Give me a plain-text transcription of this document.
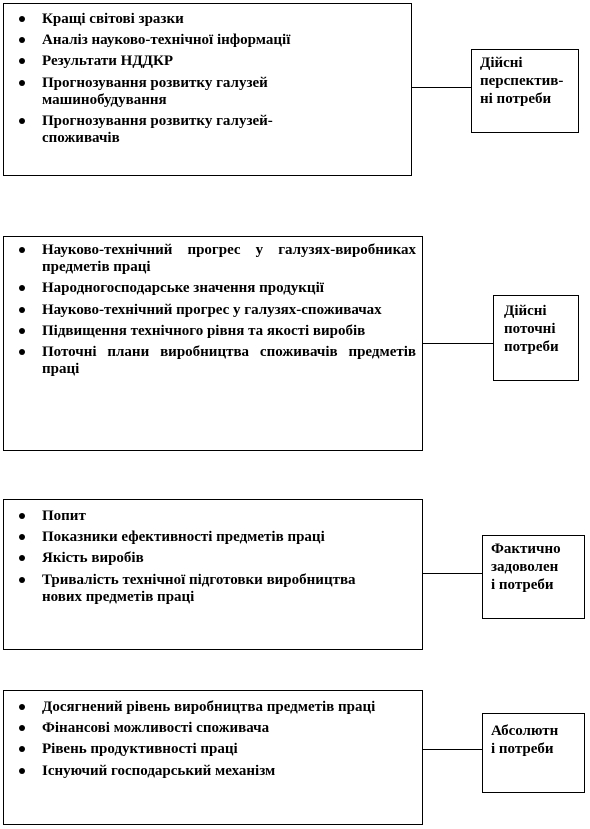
Кращі світові зразки
Аналіз науково-технічної інформації
Результати НДДКР
Прогнозування розвитку галузей машинобудування
Прогнозування розвитку галузей-споживачів
Дійсні
перспектив-
ні потреби
Науково-технічний прогрес у галузях-виробниках предметів праці
Народногосподарське значення продукції
Науково-технічний прогрес у галузях-споживачах
Підвищення технічного рівня та якості виробів
Поточні плани виробництва споживачів предметів праці
Дійсні
поточні
потреби
Попит
Показники ефективності предметів праці
Якість виробів
Тривалість технічної підготовки виробництва нових предметів праці
Фактично
задоволен
і потреби
Досягнений рівень виробництва предметів праці
Фінансові можливості споживача
Рівень продуктивності праці
Існуючий господарський механізм
Абсолютн
і потреби
